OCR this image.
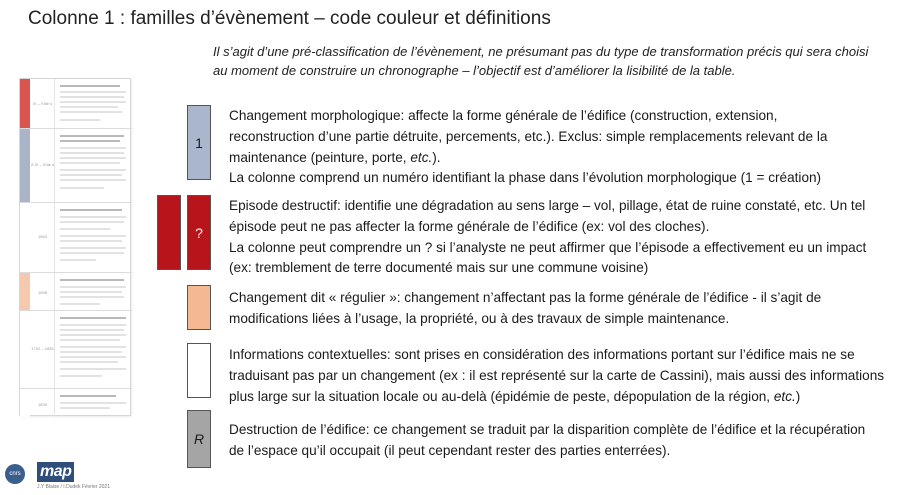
Colonne 1 : familles d’évènement – code couleur et définitions
Il s’agit d’une pré-classification de l’évènement, ne présumant pas du type de transformation précis qui sera choisi au moment de construire un chronographe – l’objectif est d’améliorer la lisibilité de la table.
XI – XIIIe s
A XI – XIIIe s
1653
1698
1702 – 1835
1839
cnrs map
J.Y Blaise / I.Dudek Février 2021
1
?
R

Changement morphologique: affecte la forme générale de l’édifice (construction, extension,

reconstruction d’une partie détruite, percements, etc.). Exclus: simple remplacements relevant de la

maintenance (peinture, porte, etc.).

La colonne comprend un numéro identifiant la phase dans l’évolution morphologique (1 = création)

Episode destructif: identifie une dégradation au sens large – vol, pillage, état de ruine constaté, etc. Un tel

épisode peut ne pas affecter la forme générale de l’édifice (ex: vol des cloches).

La colonne peut comprendre un ? si l’analyste ne peut affirmer que l’épisode a effectivement eu un impact

(ex: tremblement de terre documenté mais sur une commune voisine)

Changement dit « régulier »: changement n’affectant pas la forme générale de l’édifice - il s’agit de

modifications liées à l’usage, la propriété, ou à des travaux de simple maintenance.

Informations contextuelles: sont prises en considération des informations portant sur l’édifice mais ne se

traduisant pas par un changement (ex : il est représenté sur la carte de Cassini), mais aussi des informations

plus large sur la situation locale ou au-delà (épidémie de peste, dépopulation de la région, etc.)

Destruction de l’édifice: ce changement se traduit par la disparition complète de l’édifice et la récupération

de l’espace qu’il occupait (il peut cependant rester des parties enterrées).
